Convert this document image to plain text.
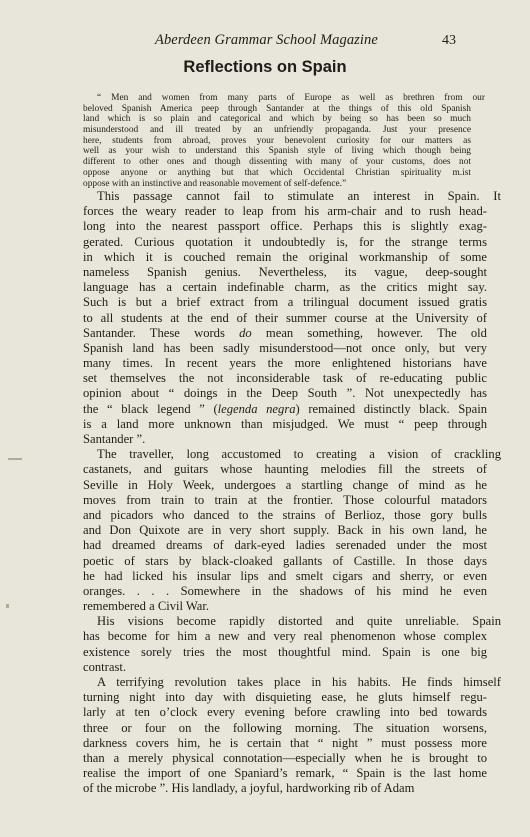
Aberdeen Grammar School Magazine	43
Reflections on Spain
“ Men and women from many parts of Europe as well as brethren from our
beloved Spanish America peep through Santander at the things of this old Spanish
land which is so plain and categorical and which by being so has been so much
misunderstood and ill treated by an unfriendly propaganda. Just your presence
here, students from abroad, proves your benevolent curiosity for our matters as
well as your wish to understand this Spanish style of living which though being
different to other ones and though dissenting with many of your customs, does not
oppose anyone or anything but that which Occidental Christian spirituality m.ist
oppose with an instinctive and reasonable movement of self-defence.”
This passage cannot fail to stimulate an interest in Spain. It
forces the weary reader to leap from his arm-chair and to rush head-
long into the nearest passport office. Perhaps this is slightly exag-
gerated. Curious quotation it undoubtedly is, for the strange terms
in which it is couched remain the original workmanship of some
nameless Spanish genius. Nevertheless, its vague, deep-sought
language has a certain indefinable charm, as the critics might say.
Such is but a brief extract from a trilingual document issued gratis
to all students at the end of their summer course at the University of
Santander. These words do mean something, however. The old
Spanish land has been sadly misunderstood—not once only, but very
many times. In recent years the more enlightened historians have
set themselves the not inconsiderable task of re-educating public
opinion about “ doings in the Deep South ”. Not unexpectedly has
the “ black legend ” (legenda negra) remained distinctly black. Spain
is a land more unknown than misjudged. We must “ peep through
Santander ”.
The traveller, long accustomed to creating a vision of crackling
castanets, and guitars whose haunting melodies fill the streets of
Seville in Holy Week, undergoes a startling change of mind as he
moves from train to train at the frontier. Those colourful matadors
and picadors who danced to the strains of Berlioz, those gory bulls
and Don Quixote are in very short supply. Back in his own land, he
had dreamed dreams of dark-eyed ladies serenaded under the most
poetic of stars by black-cloaked gallants of Castille. In those days
he had licked his insular lips and smelt cigars and sherry, or even
oranges. . . . Somewhere in the shadows of his mind he even
remembered a Civil War.
His visions become rapidly distorted and quite unreliable. Spain
has become for him a new and very real phenomenon whose complex
existence sorely tries the most thoughtful mind. Spain is one big
contrast.
A terrifying revolution takes place in his habits. He finds himself
turning night into day with disquieting ease, he gluts himself regu-
larly at ten o’clock every evening before crawling into bed towards
three or four on the following morning. The situation worsens,
darkness covers him, he is certain that “ night ” must possess more
than a merely physical connotation—especially when he is brought to
realise the import of one Spaniard’s remark, “ Spain is the last home
of the microbe ”. His landlady, a joyful, hardworking rib of Adam
